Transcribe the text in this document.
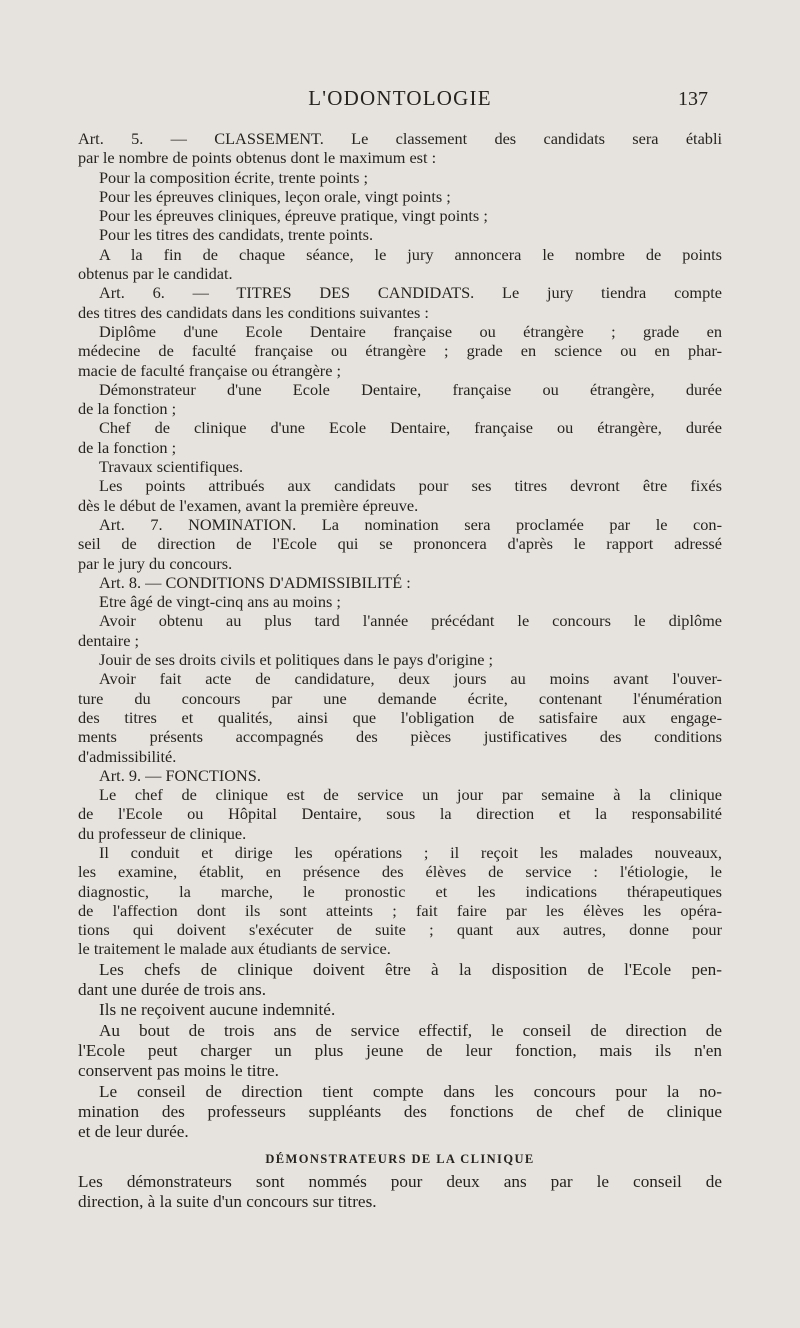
L'ODONTOLOGIE	137
Art. 5. — CLASSEMENT. Le classement des candidats sera établi
par le nombre de points obtenus dont le maximum est :
Pour la composition écrite, trente points ;
Pour les épreuves cliniques, leçon orale, vingt points ;
Pour les épreuves cliniques, épreuve pratique, vingt points ;
Pour les titres des candidats, trente points.
A la fin de chaque séance, le jury annoncera le nombre de points
obtenus par le candidat.
Art. 6. — TITRES DES CANDIDATS. Le jury tiendra compte
des titres des candidats dans les conditions suivantes :
Diplôme d'une Ecole Dentaire française ou étrangère ; grade en
médecine de faculté française ou étrangère ; grade en science ou en phar-
macie de faculté française ou étrangère ;
Démonstrateur d'une Ecole Dentaire, française ou étrangère, durée
de la fonction ;
Chef de clinique d'une Ecole Dentaire, française ou étrangère, durée
de la fonction ;
Travaux scientifiques.
Les points attribués aux candidats pour ses titres devront être fixés
dès le début de l'examen, avant la première épreuve.
Art. 7. NOMINATION. La nomination sera proclamée par le con-
seil de direction de l'Ecole qui se prononcera d'après le rapport adressé
par le jury du concours.
Art. 8. — CONDITIONS D'ADMISSIBILITÉ :
Etre âgé de vingt-cinq ans au moins ;
Avoir obtenu au plus tard l'année précédant le concours le diplôme
dentaire ;
Jouir de ses droits civils et politiques dans le pays d'origine ;
Avoir fait acte de candidature, deux jours au moins avant l'ouver-
ture du concours par une demande écrite, contenant l'énumération
des titres et qualités, ainsi que l'obligation de satisfaire aux engage-
ments présents accompagnés des pièces justificatives des conditions
d'admissibilité.
Art. 9. — FONCTIONS.
Le chef de clinique est de service un jour par semaine à la clinique
de l'Ecole ou Hôpital Dentaire, sous la direction et la responsabilité
du professeur de clinique.
Il conduit et dirige les opérations ; il reçoit les malades nouveaux,
les examine, établit, en présence des élèves de service : l'étiologie, le
diagnostic, la marche, le pronostic et les indications thérapeutiques
de l'affection dont ils sont atteints ; fait faire par les élèves les opéra-
tions qui doivent s'exécuter de suite ; quant aux autres, donne pour
le traitement le malade aux étudiants de service.
Les chefs de clinique doivent être à la disposition de l'Ecole pen-
dant une durée de trois ans.
Ils ne reçoivent aucune indemnité.
Au bout de trois ans de service effectif, le conseil de direction de
l'Ecole peut charger un plus jeune de leur fonction, mais ils n'en
conservent pas moins le titre.
Le conseil de direction tient compte dans les concours pour la no-
mination des professeurs suppléants des fonctions de chef de clinique
et de leur durée.
DÉMONSTRATEURS DE LA CLINIQUE
Les démonstrateurs sont nommés pour deux ans par le conseil de
direction, à la suite d'un concours sur titres.
